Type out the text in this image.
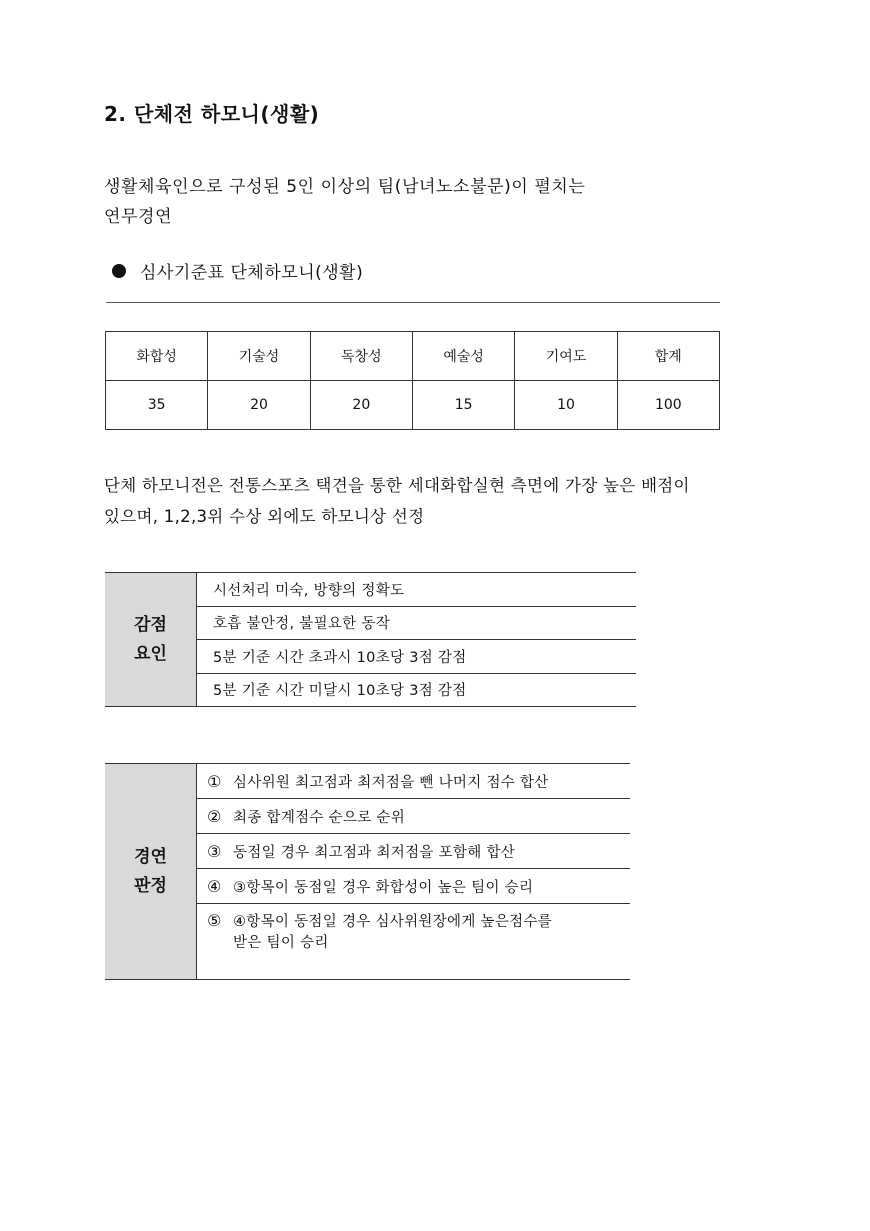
2. 단체전 하모니(생활)
생활체육인으로 구성된 5인 이상의 팀(남녀노소불문)이 펼치는
연무경연
심사기준표 단체하모니(생활)
화합성	기술성	독창성	예술성	기여도	합계
35	20	20	15	10	100
단체 하모니전은 전통스포츠 택견을 통한 세대화합실현 측면에 가장 높은 배점이
있으며, 1,2,3위 수상 외에도 하모니상 선정
감점
요인
	시선처리 미숙, 방향의 정확도
호흡 불안정, 불필요한 동작
5분 기준 시간 초과시 10초당 3점 감점
5분 기준 시간 미달시 10초당 3점 감점
경연
판정
	① 심사위원 최고점과 최저점을 뺀 나머지 점수 합산
② 최종 합계점수 순으로 순위
③ 동점일 경우 최고점과 최저점을 포함해 합산
④ ③항목이 동점일 경우 화합성이 높은 팀이 승리
⑤ ④항목이 동점일 경우 심사위원장에게 높은점수를
받은 팀이 승리
